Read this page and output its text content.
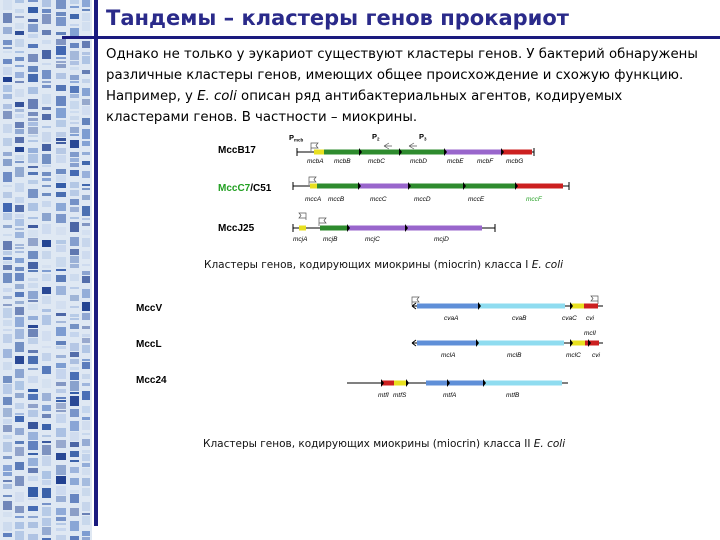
Тандемы – кластеры генов прокариот
Однако не только у эукариот существуют кластеры генов. У бактерий обнаружены различные кластеры генов, имеющих общее происхождение и схожую функцию. Например, у E. coli описан ряд антибактериальных агентов, кодируемых кластерами генов. В частности – миокрины.
MccB17
MccC7/C51
MccJ25
$P_{mcb}$	$P_2$	$P_3$
mcbA mcbB	mcbC	mcbD	mcbE mcbF mcbG
mccA mccB	mccC	mccD	mccE	mccF
mcjA mcjB	mcjC	mcjD
MccV
MccL
Mcc24
cvaA	cvaB	cvaC cvi
mclA	mclB	mclC
mclI
cvi
mtfI mtfS	mtfA	mtfB
Кластеры генов, кодирующих миокрины (miocrin) класса I E. coli
Кластеры генов, кодирующих миокрины (miocrin) класса II E. coli
